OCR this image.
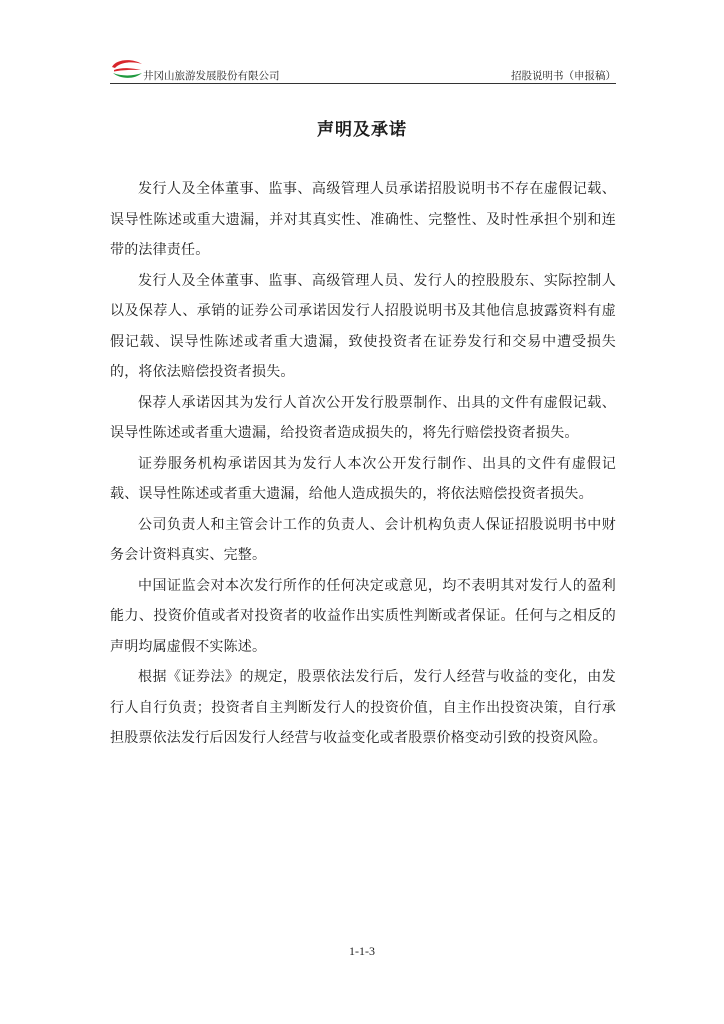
井冈山旅游发展股份有限公司	招股说明书（申报稿）
声明及承诺

发行人及全体董事、监事、高级管理人员承诺招股说明书不存在虚假记载、误导性陈述或重大遗漏，并对其真实性、准确性、完整性、及时性承担个别和连带的法律责任。

发行人及全体董事、监事、高级管理人员、发行人的控股股东、实际控制人以及保荐人、承销的证券公司承诺因发行人招股说明书及其他信息披露资料有虚假记载、误导性陈述或者重大遗漏，致使投资者在证券发行和交易中遭受损失的，将依法赔偿投资者损失。

保荐人承诺因其为发行人首次公开发行股票制作、出具的文件有虚假记载、误导性陈述或者重大遗漏，给投资者造成损失的，将先行赔偿投资者损失。

证券服务机构承诺因其为发行人本次公开发行制作、出具的文件有虚假记载、误导性陈述或者重大遗漏，给他人造成损失的，将依法赔偿投资者损失。

公司负责人和主管会计工作的负责人、会计机构负责人保证招股说明书中财务会计资料真实、完整。

中国证监会对本次发行所作的任何决定或意见，均不表明其对发行人的盈利能力、投资价值或者对投资者的收益作出实质性判断或者保证。任何与之相反的声明均属虚假不实陈述。

根据《证券法》的规定，股票依法发行后，发行人经营与收益的变化，由发行人自行负责；投资者自主判断发行人的投资价值，自主作出投资决策，自行承担股票依法发行后因发行人经营与收益变化或者股票价格变动引致的投资风险。

1-1-3
